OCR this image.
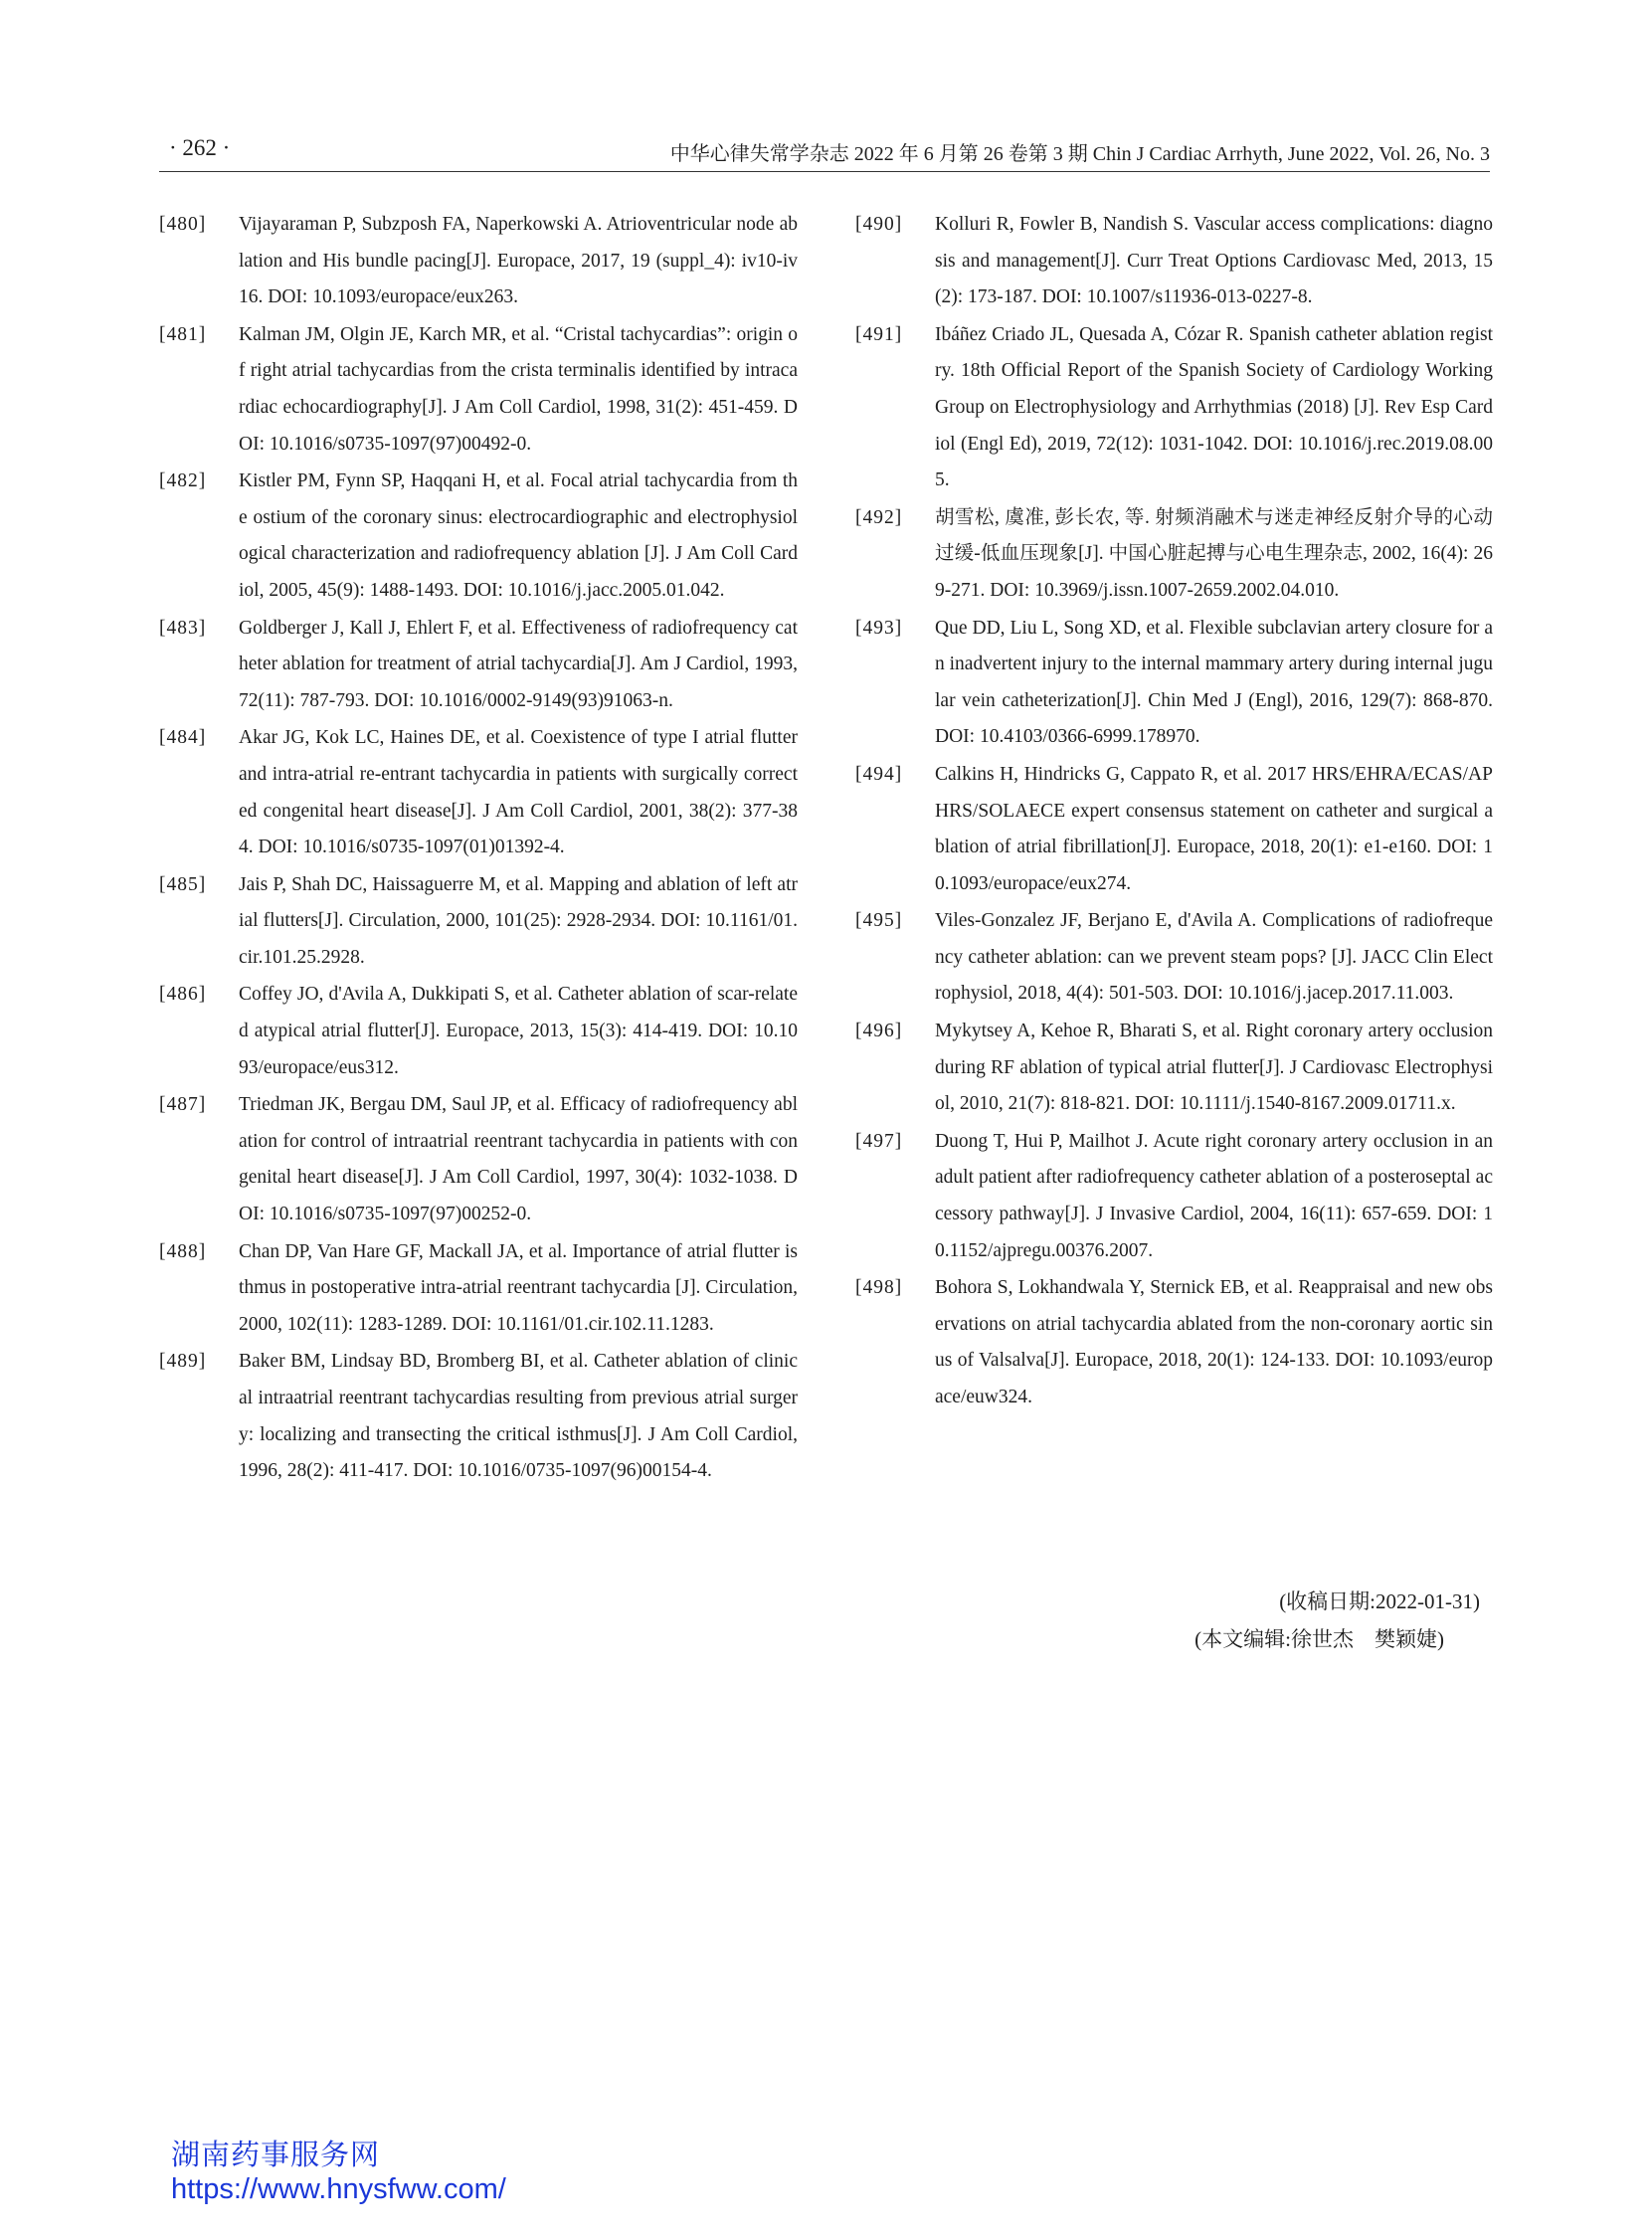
· 262 ·	中华心律失常学杂志 2022 年 6 月第 26 卷第 3 期 Chin J Cardiac Arrhyth, June 2022, Vol. 26, No. 3
[480] Vijayaraman P, Subzposh FA, Naperkowski A. Atrioventricular node ablation and His bundle pacing[J]. Europace, 2017, 19 (suppl_4): iv10-iv16. DOI: 10.1093/europace/eux263.
[481] Kalman JM, Olgin JE, Karch MR, et al. “Cristal tachycardias”: origin of right atrial tachycardias from the crista terminalis identified by intracardiac echocardiography[J]. J Am Coll Cardiol, 1998, 31(2): 451-459. DOI: 10.1016/s0735-1097(97)00492-0.
[482] Kistler PM, Fynn SP, Haqqani H, et al. Focal atrial tachycardia from the ostium of the coronary sinus: electrocardiographic and electrophysiological characterization and radiofrequency ablation [J]. J Am Coll Cardiol, 2005, 45(9): 1488-1493. DOI: 10.1016/j.jacc.2005.01.042.
[483] Goldberger J, Kall J, Ehlert F, et al. Effectiveness of radiofrequency catheter ablation for treatment of atrial tachycardia[J]. Am J Cardiol, 1993, 72(11): 787-793. DOI: 10.1016/0002-9149(93)91063-n.
[484] Akar JG, Kok LC, Haines DE, et al. Coexistence of type I atrial flutter and intra-atrial re-entrant tachycardia in patients with surgically corrected congenital heart disease[J]. J Am Coll Cardiol, 2001, 38(2): 377-384. DOI: 10.1016/s0735-1097(01)01392-4.
[485] Jais P, Shah DC, Haissaguerre M, et al. Mapping and ablation of left atrial flutters[J]. Circulation, 2000, 101(25): 2928-2934. DOI: 10.1161/01.cir.101.25.2928.
[486] Coffey JO, d'Avila A, Dukkipati S, et al. Catheter ablation of scar-related atypical atrial flutter[J]. Europace, 2013, 15(3): 414-419. DOI: 10.1093/europace/eus312.
[487] Triedman JK, Bergau DM, Saul JP, et al. Efficacy of radiofrequency ablation for control of intraatrial reentrant tachycardia in patients with congenital heart disease[J]. J Am Coll Cardiol, 1997, 30(4): 1032-1038. DOI: 10.1016/s0735-1097(97)00252-0.
[488] Chan DP, Van Hare GF, Mackall JA, et al. Importance of atrial flutter isthmus in postoperative intra-atrial reentrant tachycardia [J]. Circulation, 2000, 102(11): 1283-1289. DOI: 10.1161/01.cir.102.11.1283.
[489] Baker BM, Lindsay BD, Bromberg BI, et al. Catheter ablation of clinical intraatrial reentrant tachycardias resulting from previous atrial surgery: localizing and transecting the critical isthmus[J]. J Am Coll Cardiol, 1996, 28(2): 411-417. DOI: 10.1016/0735-1097(96)00154-4.
[490] Kolluri R, Fowler B, Nandish S. Vascular access complications: diagnosis and management[J]. Curr Treat Options Cardiovasc Med, 2013, 15(2): 173-187. DOI: 10.1007/s11936-013-0227-8.
[491] Ibáñez Criado JL, Quesada A, Cózar R. Spanish catheter ablation registry. 18th Official Report of the Spanish Society of Cardiology Working Group on Electrophysiology and Arrhythmias (2018) [J]. Rev Esp Cardiol (Engl Ed), 2019, 72(12): 1031-1042. DOI: 10.1016/j.rec.2019.08.005.
[492] 胡雪松, 虞准, 彭长农, 等. 射频消融术与迷走神经反射介导的心动过缓-低血压现象[J]. 中国心脏起搏与心电生理杂志, 2002, 16(4): 269-271. DOI: 10.3969/j.issn.1007-2659.2002.04.010.
[493] Que DD, Liu L, Song XD, et al. Flexible subclavian artery closure for an inadvertent injury to the internal mammary artery during internal jugular vein catheterization[J]. Chin Med J (Engl), 2016, 129(7): 868-870. DOI: 10.4103/0366-6999.178970.
[494] Calkins H, Hindricks G, Cappato R, et al. 2017 HRS/EHRA/ECAS/APHRS/SOLAECE expert consensus statement on catheter and surgical ablation of atrial fibrillation[J]. Europace, 2018, 20(1): e1-e160. DOI: 10.1093/europace/eux274.
[495] Viles-Gonzalez JF, Berjano E, d'Avila A. Complications of radiofrequency catheter ablation: can we prevent steam pops? [J]. JACC Clin Electrophysiol, 2018, 4(4): 501-503. DOI: 10.1016/j.jacep.2017.11.003.
[496] Mykytsey A, Kehoe R, Bharati S, et al. Right coronary artery occlusion during RF ablation of typical atrial flutter[J]. J Cardiovasc Electrophysiol, 2010, 21(7): 818-821. DOI: 10.1111/j.1540-8167.2009.01711.x.
[497] Duong T, Hui P, Mailhot J. Acute right coronary artery occlusion in an adult patient after radiofrequency catheter ablation of a posteroseptal accessory pathway[J]. J Invasive Cardiol, 2004, 16(11): 657-659. DOI: 10.1152/ajpregu.00376.2007.
[498] Bohora S, Lokhandwala Y, Sternick EB, et al. Reappraisal and new observations on atrial tachycardia ablated from the non-coronary aortic sinus of Valsalva[J]. Europace, 2018, 20(1): 124-133. DOI: 10.1093/europace/euw324.
(收稿日期:2022-01-31)
(本文编辑:徐世杰　樊颖婕)
湖南药事服务网
https://www.hnysfww.com/
